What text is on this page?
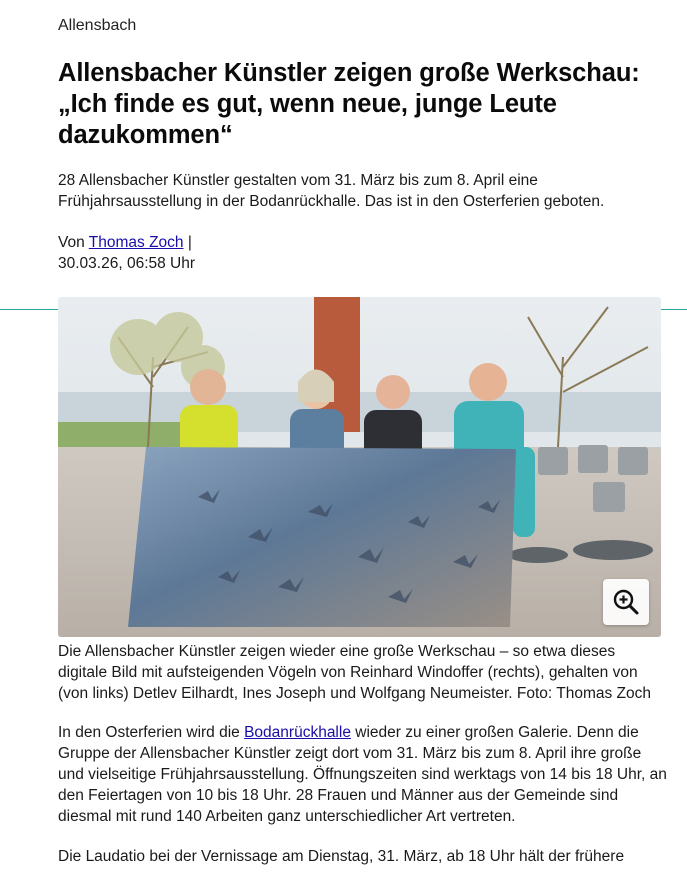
Allensbach
Allensbacher Künstler zeigen große Werkschau: „Ich finde es gut, wenn neue, junge Leute dazukommen“
28 Allensbacher Künstler gestalten vom 31. März bis zum 8. April eine Frühjahrsausstellung in der Bodanrückhalle. Das ist in den Osterferien geboten.
Von Thomas Zoch |
30.03.26, 06:58 Uhr
Die Allensbacher Künstler zeigen wieder eine große Werkschau – so etwa dieses digitale Bild mit aufsteigenden Vögeln von Reinhard Windoffer (rechts), gehalten von (von links) Detlev Eilhardt, Ines Joseph und Wolfgang Neumeister. Foto: Thomas Zoch
In den Osterferien wird die Bodanrückhalle wieder zu einer großen Galerie. Denn die Gruppe der Allensbacher Künstler zeigt dort vom 31. März bis zum 8. April ihre große und vielseitige Frühjahrsausstellung. Öffnungszeiten sind werktags von 14 bis 18 Uhr, an den Feiertagen von 10 bis 18 Uhr. 28 Frauen und Männer aus der Gemeinde sind diesmal mit rund 140 Arbeiten ganz unterschiedlicher Art vertreten.
Die Laudatio bei der Vernissage am Dienstag, 31. März, ab 18 Uhr hält der frühere
